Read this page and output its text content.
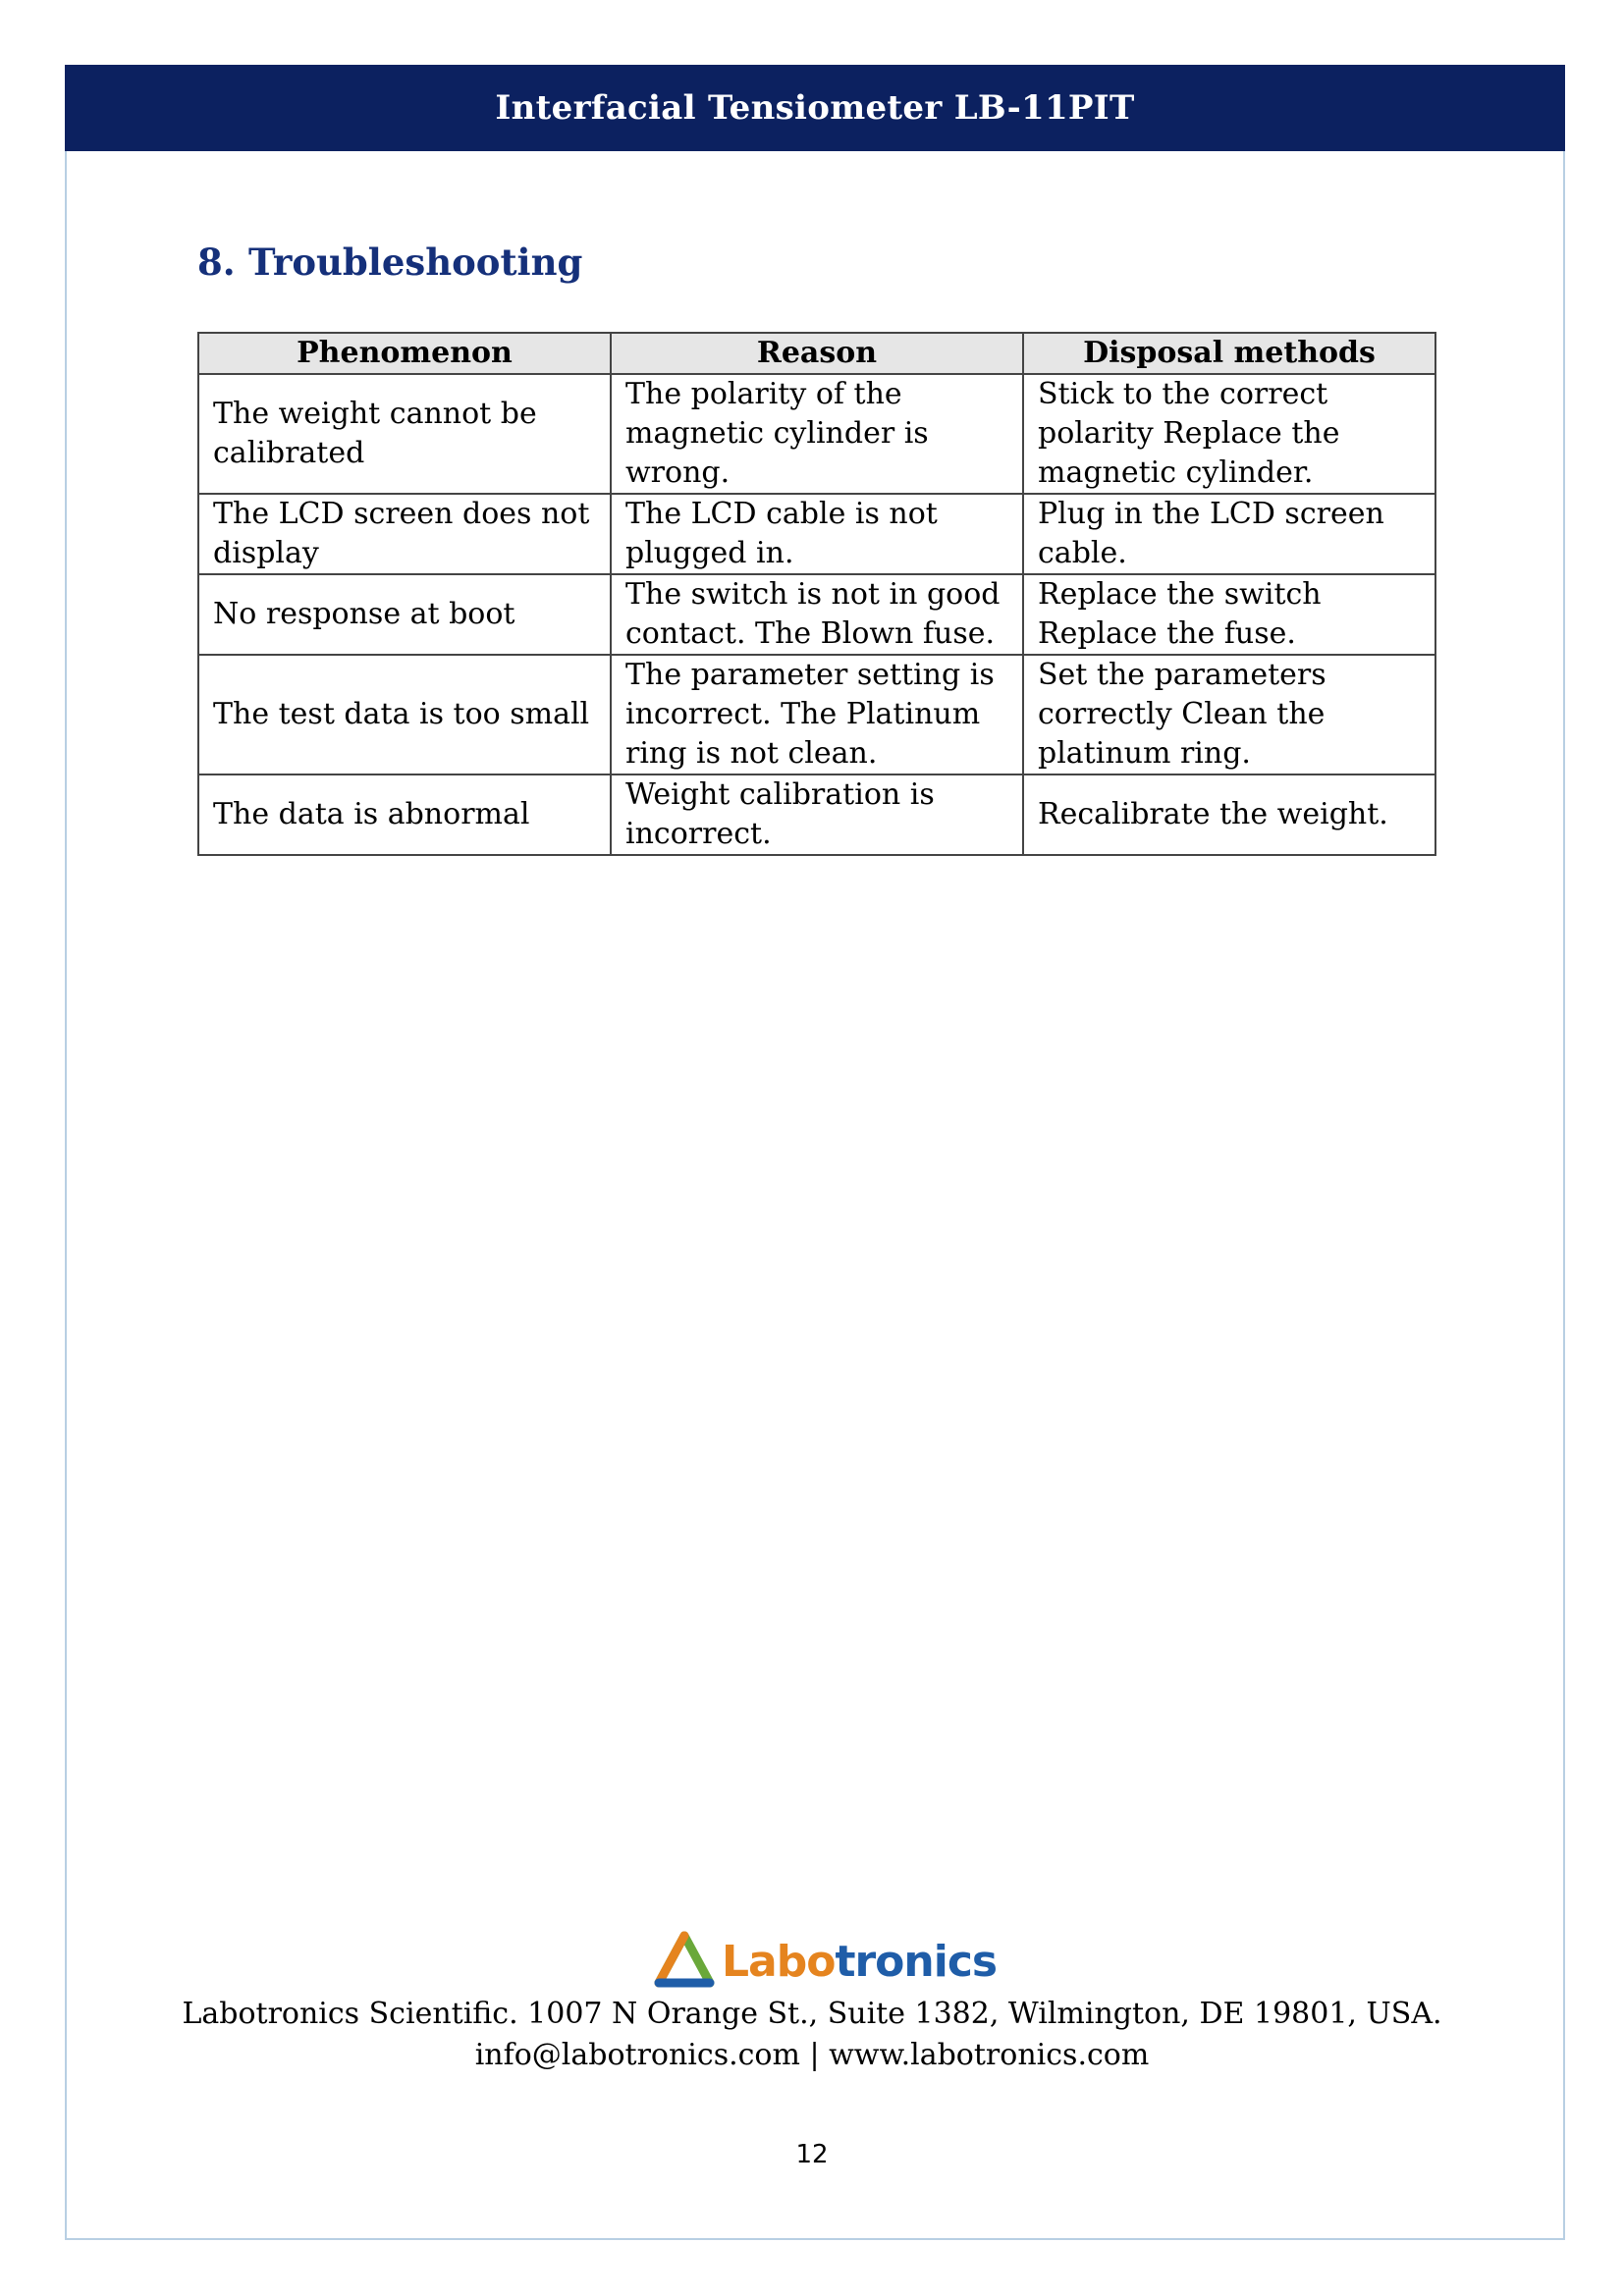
Interfacial Tensiometer LB-11PIT
8. Troubleshooting
Phenomenon	Reason	Disposal methods
The weight cannot be calibrated	The polarity of the magnetic cylinder is wrong.	Stick to the correct polarity Replace the magnetic cylinder.
The LCD screen does not display	The LCD cable is not plugged in.	Plug in the LCD screen cable.
No response at boot	The switch is not in good contact. The Blown fuse.	Replace the switch Replace the fuse.
The test data is too small	The parameter setting is incorrect. The Platinum ring is not clean.	Set the parameters correctly Clean the platinum ring.
The data is abnormal	Weight calibration is incorrect.	Recalibrate the weight.
Labotronics
Labotronics Scientific. 1007 N Orange St., Suite 1382, Wilmington, DE 19801, USA.
info@labotronics.com | www.labotronics.com
12
